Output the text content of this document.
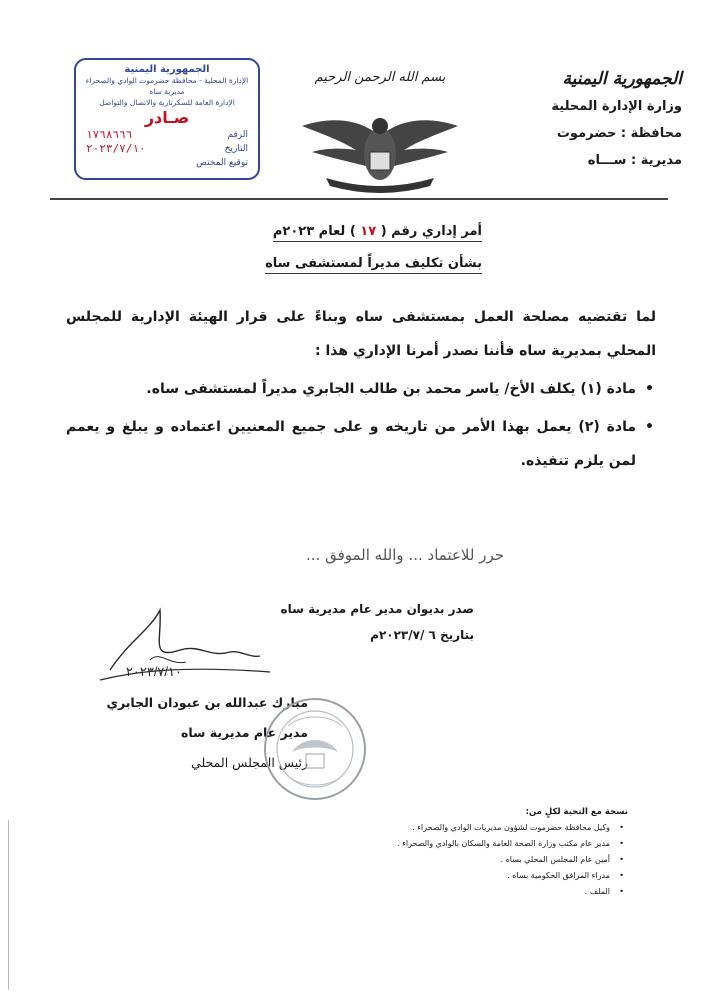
الجمهورية اليمنية
وزارة الإدارة المحلية
محافظة : حضرموت
مديرية : ســـاه
بسم الله الرحمن الرحيم
الجمهورية اليمنية
الإدارة المحلية - محافظة حضرموت الوادي والصحراء
مديرية ساه
الإدارة العامة للسكرتارية والاتصال والتواصل
صـادر
الرقم
١٧٦٨٦٦٦
التاريخ
٢٠٢٣/٧/١٠
توقيع المختص
أمر إداري رقم ( ١٧ ) لعام ٢٠٢٣م
بشأن تكليف مديراً لمستشفى ساه
لما تقتضيه مصلحة العمل بمستشفى ساه وبناءً على قرار الهيئة الإدارية للمجلس المحلي بمديرية ساه فأننا نصدر أمرنا الإداري هذا :
•
مادة (١) يكلف الأخ/ ياسر محمد بن طالب الجابري مديراً لمستشفى ساه.
•
مادة (٢) يعمل بهذا الأمر من تاريخه و على جميع المعنيين اعتماده و يبلغ و يعمم لمن يلزم تنفيذه.
حرر للاعتماد ... والله الموفق ...
صدر بديوان مدير عام مديرية ساه
بتاريخ ٦ /٢٠٢٣/٧م
٢٠٢٣/٧/١٠
مبارك عبدالله بن عبودان الجابري
مدير عام مديرية ساه
رئيس المجلس المحلي
نسخة مع التحية لكلٍ من:
• وكيل محافظة حضرموت لشؤون مديريات الوادي والصحراء .
• مدير عام مكتب وزارة الصحة العامة والسكان بالوادي والصحراء .
• أمين عام المجلس المحلي بساه .
• مدراء المرافق الحكومية بساه .
• الملف .
